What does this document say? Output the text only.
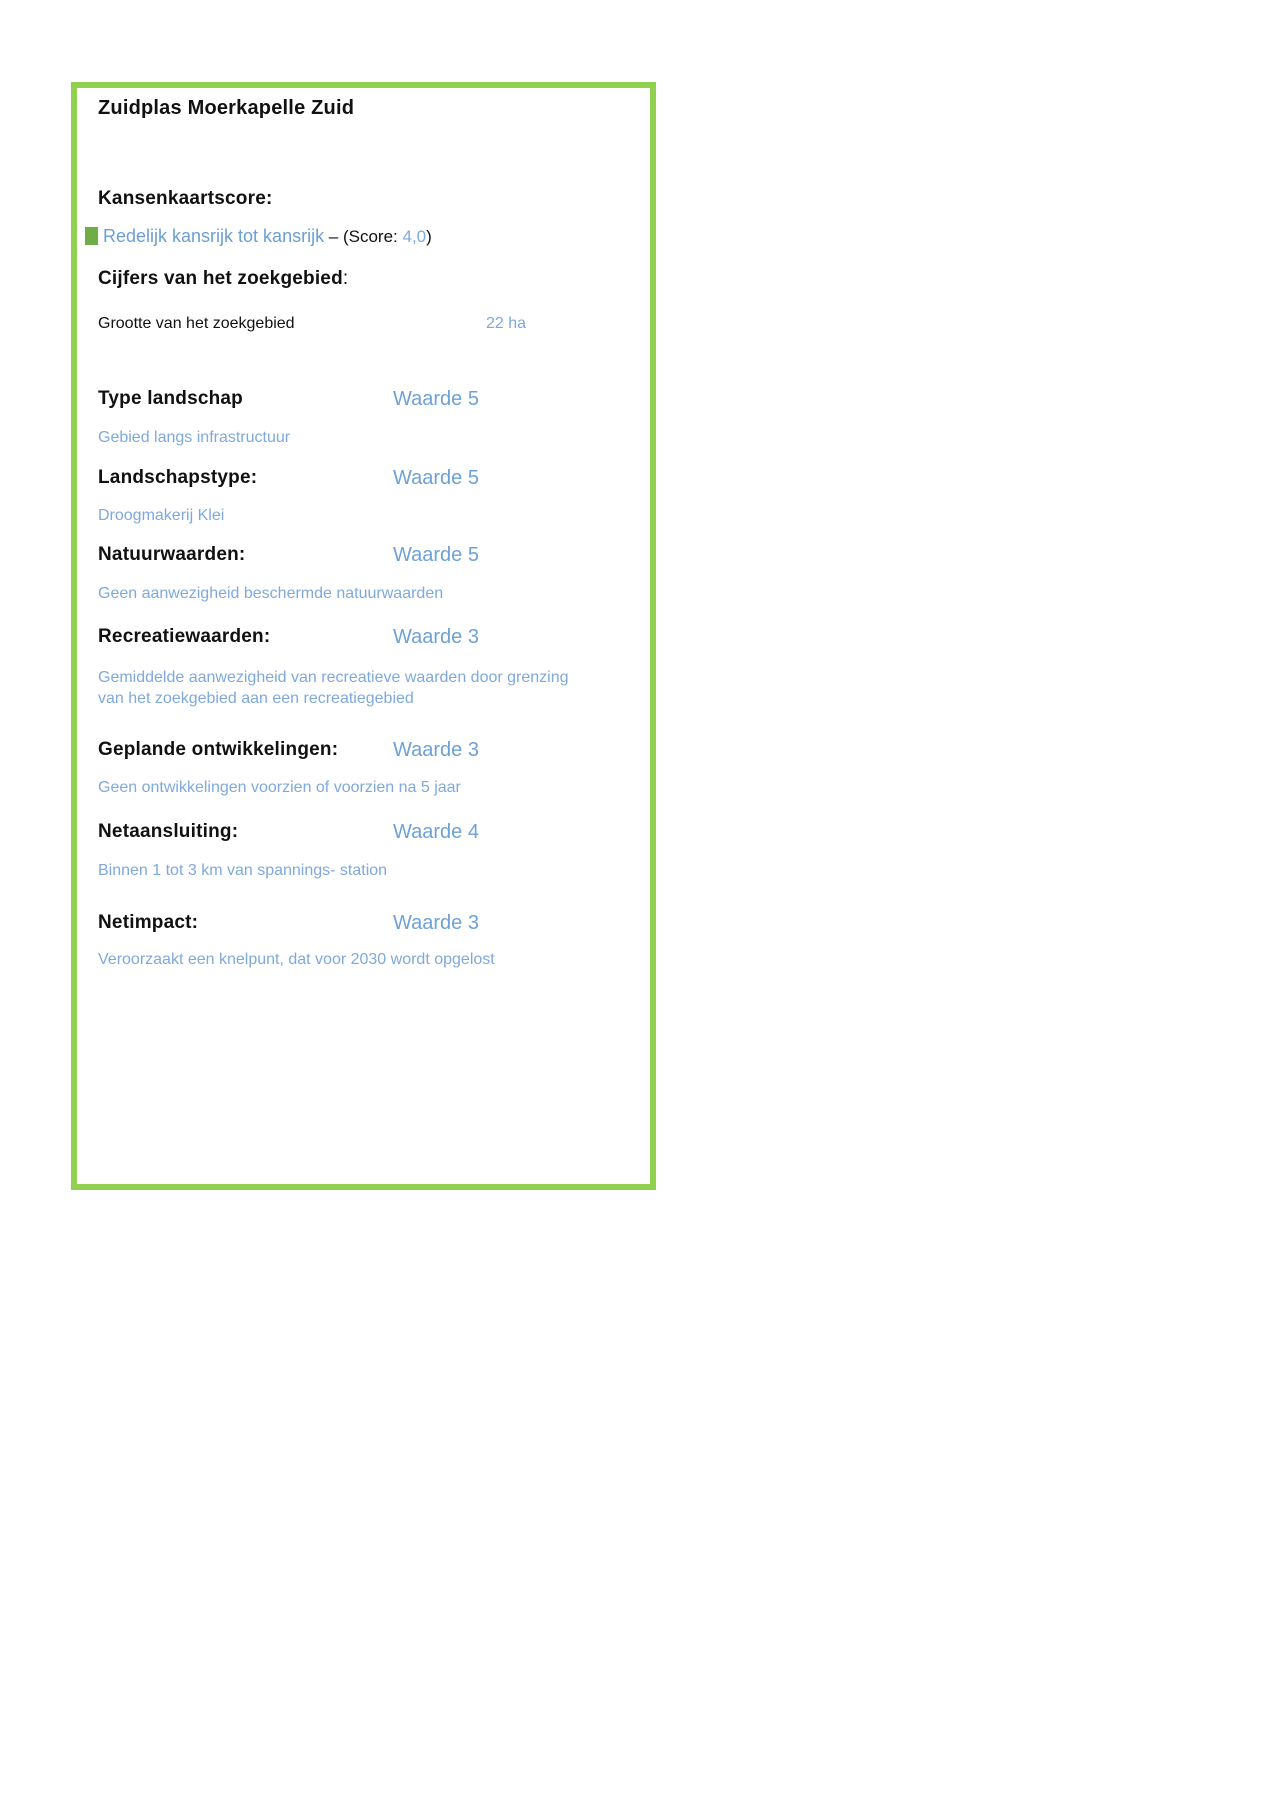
Zuidplas Moerkapelle Zuid
Kansenkaartscore:
Redelijk kansrijk tot kansrijk – (Score: 4,0)
Cijfers van het zoekgebied:
Grootte van het zoekgebied	22 ha
Type landschap	Waarde 5
Gebied langs infrastructuur
Landschapstype:	Waarde 5
Droogmakerij Klei
Natuurwaarden:	Waarde 5
Geen aanwezigheid beschermde natuurwaarden
Recreatiewaarden:	Waarde 3
Gemiddelde aanwezigheid van recreatieve waarden door grenzing van het zoekgebied aan een recreatiegebied
Geplande ontwikkelingen:	Waarde 3
Geen ontwikkelingen voorzien of voorzien na 5 jaar
Netaansluiting:	Waarde 4
Binnen 1 tot 3 km van spannings- station
Netimpact:	Waarde 3
Veroorzaakt een knelpunt, dat voor 2030 wordt opgelost
